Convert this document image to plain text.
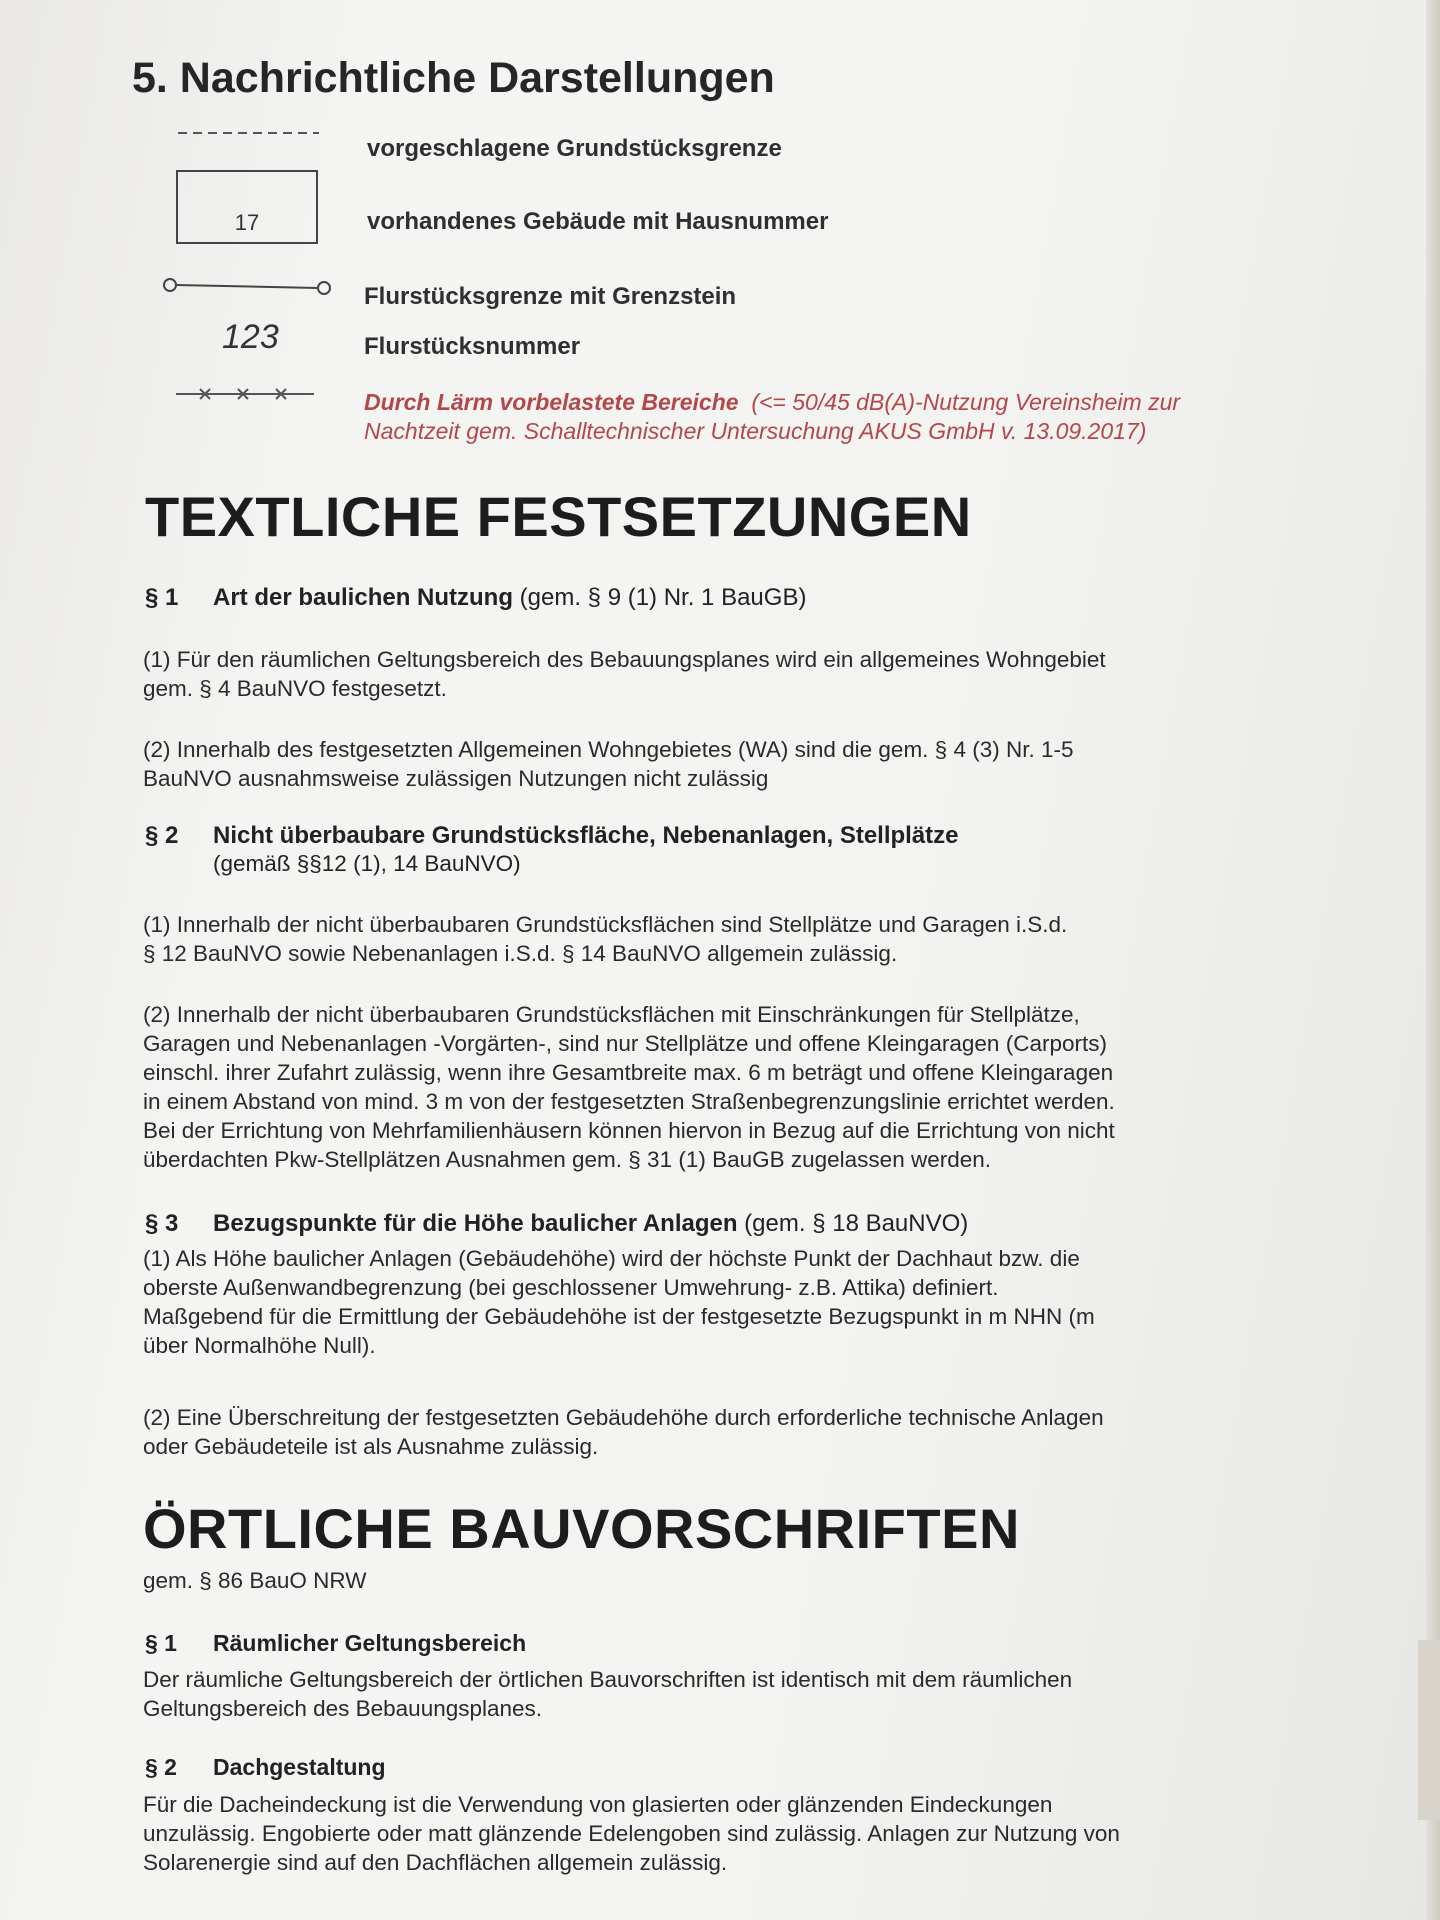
5. Nachrichtliche Darstellungen
vorgeschlagene Grundstücksgrenze
17	vorhandenes Gebäude mit Hausnummer
Flurstücksgrenze mit Grenzstein
123	Flurstücksnummer
Durch Lärm vorbelastete Bereiche (<= 50/45 dB(A)-Nutzung Vereinsheim zur
Nachtzeit gem. Schalltechnischer Untersuchung AKUS GmbH v. 13.09.2017)
TEXTLICHE FESTSETZUNGEN
§ 1 Art der baulichen Nutzung (gem. § 9 (1) Nr. 1 BauGB)

(1) Für den räumlichen Geltungsbereich des Bebauungsplanes wird ein allgemeines Wohngebiet
gem. § 4 BauNVO festgesetzt.

(2) Innerhalb des festgesetzten Allgemeinen Wohngebietes (WA) sind die gem. § 4 (3) Nr. 1-5
BauNVO ausnahmsweise zulässigen Nutzungen nicht zulässig

§ 2 Nicht überbaubare Grundstücksfläche, Nebenanlagen, Stellplätze
(gemäß §§12 (1), 14 BauNVO)

(1) Innerhalb der nicht überbaubaren Grundstücksflächen sind Stellplätze und Garagen i.S.d.
§ 12 BauNVO sowie Nebenanlagen i.S.d. § 14 BauNVO allgemein zulässig.

(2) Innerhalb der nicht überbaubaren Grundstücksflächen mit Einschränkungen für Stellplätze,
Garagen und Nebenanlagen -Vorgärten-, sind nur Stellplätze und offene Kleingaragen (Carports)
einschl. ihrer Zufahrt zulässig, wenn ihre Gesamtbreite max. 6 m beträgt und offene Kleingaragen
in einem Abstand von mind. 3 m von der festgesetzten Straßenbegrenzungslinie errichtet werden.
Bei der Errichtung von Mehrfamilienhäusern können hiervon in Bezug auf die Errichtung von nicht
überdachten Pkw-Stellplätzen Ausnahmen gem. § 31 (1) BauGB zugelassen werden.

§ 3 Bezugspunkte für die Höhe baulicher Anlagen (gem. § 18 BauNVO)

(1) Als Höhe baulicher Anlagen (Gebäudehöhe) wird der höchste Punkt der Dachhaut bzw. die
oberste Außenwandbegrenzung (bei geschlossener Umwehrung- z.B. Attika) definiert.
Maßgebend für die Ermittlung der Gebäudehöhe ist der festgesetzte Bezugspunkt in m NHN (m
über Normalhöhe Null).

(2) Eine Überschreitung der festgesetzten Gebäudehöhe durch erforderliche technische Anlagen
oder Gebäudeteile ist als Ausnahme zulässig.

ÖRTLICHE BAUVORSCHRIFTEN
gem. § 86 BauO NRW
§ 1 Räumlicher Geltungsbereich

Der räumliche Geltungsbereich der örtlichen Bauvorschriften ist identisch mit dem räumlichen
Geltungsbereich des Bebauungsplanes.

§ 2 Dachgestaltung

Für die Dacheindeckung ist die Verwendung von glasierten oder glänzenden Eindeckungen
unzulässig. Engobierte oder matt glänzende Edelengoben sind zulässig. Anlagen zur Nutzung von
Solarenergie sind auf den Dachflächen allgemein zulässig.
